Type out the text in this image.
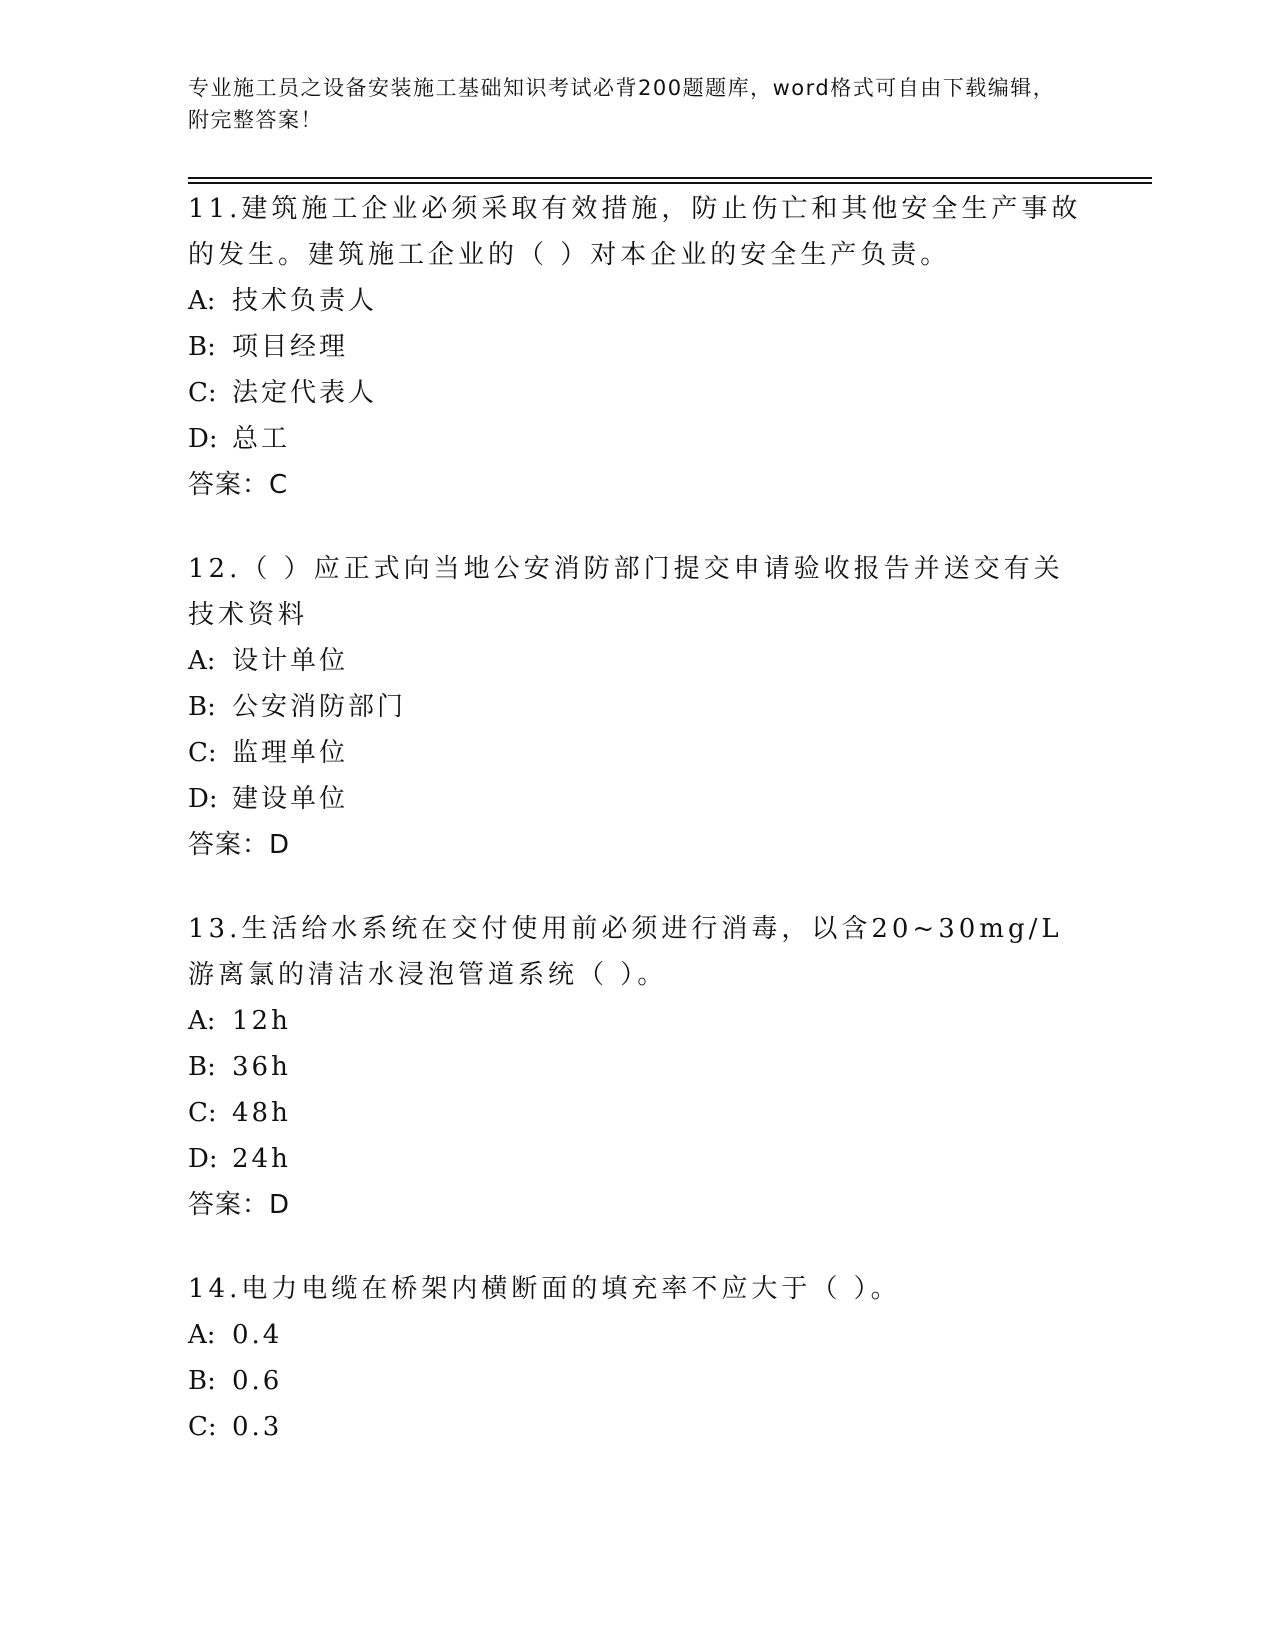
专业施工员之设备安装施工基础知识考试必背200题题库，word格式可自由下载编辑，附完整答案！
11.建筑施工企业必须采取有效措施，防止伤亡和其他安全生产事故的发生。建筑施工企业的（ ）对本企业的安全生产负责。
A: 技术负责人
B: 项目经理
C: 法定代表人
D: 总工
答案：C
12.（ ）应正式向当地公安消防部门提交申请验收报告并送交有关技术资料
A: 设计单位
B: 公安消防部门
C: 监理单位
D: 建设单位
答案：D
13.生活给水系统在交付使用前必须进行消毒，以含20~30mg/L游离氯的清洁水浸泡管道系统（ ）。
A: 12h
B: 36h
C: 48h
D: 24h
答案：D
14.电力电缆在桥架内横断面的填充率不应大于（ ）。
A: 0.4
B: 0.6
C: 0.3
